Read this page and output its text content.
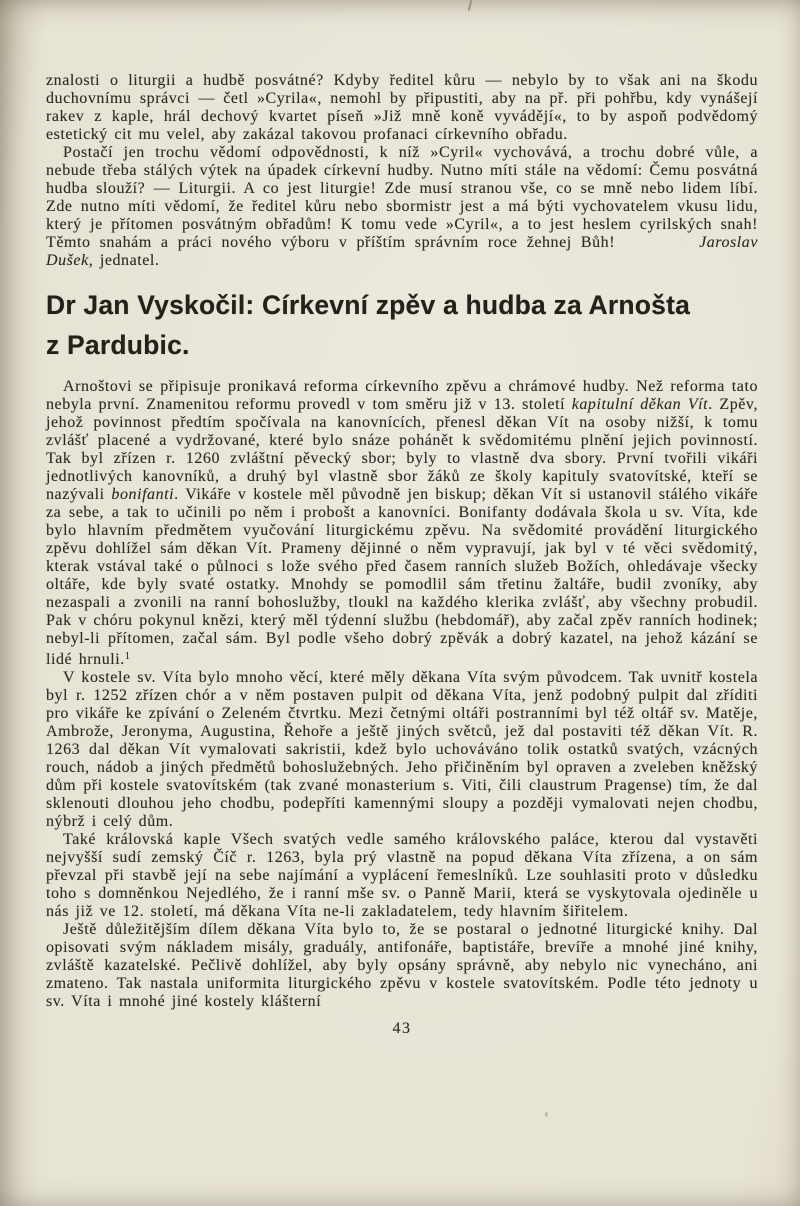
znalosti o liturgii a hudbě posvátné? Kdyby ředitel kůru — nebylo by to však ani na škodu duchovnímu správci — četl »Cyrila«, nemohl by připustiti, aby na př. při pohřbu, kdy vynášejí rakev z kaple, hrál dechový kvartet píseň »Již mně koně vyvádějí«, to by aspoň podvědomý estetický cit mu velel, aby zakázal takovou profanaci církevního obřadu.

Postačí jen trochu vědomí odpovědnosti, k níž »Cyril« vychovává, a trochu dobré vůle, a nebude třeba stálých výtek na úpadek církevní hudby. Nutno míti stále na vědomí: Čemu posvátná hudba slouží? — Liturgii. A co jest liturgie! Zde musí stranou vše, co se mně nebo lidem líbí. Zde nutno míti vědomí, že ředitel kůru nebo sbormistr jest a má býti vychovatelem vkusu lidu, který je přítomen posvátným obřadům! K tomu vede »Cyril«, a to jest heslem cyrilských snah! Těmto snahám a práci nového výboru v příštím správním roce žehnej Bůh!	Jaroslav Dušek, jednatel.

Dr Jan Vyskočil: Církevní zpěv a hudba za Arnošta
z Pardubic.

Arnoštovi se připisuje pronikavá reforma církevního zpěvu a chrámové hudby. Než reforma tato nebyla první. Znamenitou reformu provedl v tom směru již v 13. století kapitulní děkan Vít. Zpěv, jehož povinnost předtím spočívala na kanovnících, přenesl děkan Vít na osoby nižší, k tomu zvlášť placené a vydržované, které bylo snáze pohánět k svědomitému plnění jejich povinností. Tak byl zřízen r. 1260 zvláštní pěvecký sbor; byly to vlastně dva sbory. První tvořili vikáři jednotlivých kanovníků, a druhý byl vlastně sbor žáků ze školy kapituly svatovítské, kteří se nazývali bonifanti. Vikáře v kostele měl původně jen biskup; děkan Vít si ustanovil stálého vikáře za sebe, a tak to učinili po něm i probošt a kanovníci. Bonifanty dodávala škola u sv. Víta, kde bylo hlavním předmětem vyučování liturgickému zpěvu. Na svědomité provádění liturgického zpěvu dohlížel sám děkan Vít. Prameny dějinné o něm vypravují, jak byl v té věci svědomitý, kterak vstával také o půlnoci s lože svého před časem ranních služeb Božích, ohledávaje všecky oltáře, kde byly svaté ostatky. Mnohdy se pomodlil sám třetinu žaltáře, budil zvoníky, aby nezaspali a zvonili na ranní bohoslužby, tloukl na každého klerika zvlášť, aby všechny probudil. Pak v chóru pokynul knězi, který měl týdenní službu (hebdomář), aby začal zpěv ranních hodinek; nebyl-li přítomen, začal sám. Byl podle všeho dobrý zpěvák a dobrý kazatel, na jehož kázání se lidé hrnuli.$^1$

V kostele sv. Víta bylo mnoho věcí, které měly děkana Víta svým původcem. Tak uvnitř kostela byl r. 1252 zřízen chór a v něm postaven pulpit od děkana Víta, jenž podobný pulpit dal zříditi pro vikáře ke zpívání o Zeleném čtvrtku. Mezi četnými oltáři postranními byl též oltář sv. Matěje, Ambrože, Jeronyma, Augustina, Řehoře a ještě jiných světců, jež dal postaviti též děkan Vít. R. 1263 dal děkan Vít vymalovati sakristii, kdež bylo uchováváno tolik ostatků svatých, vzácných rouch, nádob a jiných předmětů bohoslužebných. Jeho přičiněním byl opraven a zveleben kněžský dům při kostele svatovítském (tak zvané monasterium s. Viti, čili claustrum Pragense) tím, že dal sklenouti dlouhou jeho chodbu, podepříti kamennými sloupy a později vymalovati nejen chodbu, nýbrž i celý dům.

Také královská kaple Všech svatých vedle samého královského paláce, kterou dal vystavěti nejvyšší sudí zemský Číč r. 1263, byla prý vlastně na popud děkana Víta zřízena, a on sám převzal při stavbě její na sebe najímání a vyplácení řemeslníků. Lze souhlasiti proto v důsledku toho s domněnkou Nejedlého, že i ranní mše sv. o Panně Marii, která se vyskytovala ojediněle u nás již ve 12. století, má děkana Víta ne-li zakladatelem, tedy hlavním šiřitelem.

Ještě důležitějším dílem děkana Víta bylo to, že se postaral o jednotné liturgické knihy. Dal opisovati svým nákladem misály, graduály, antifonáře, baptistáře, brevíře a mnohé jiné knihy, zvláště kazatelské. Pečlivě dohlížel, aby byly opsány správně, aby nebylo nic vynecháno, ani zmateno. Tak nastala uniformita liturgického zpěvu v kostele svatovítském. Podle této jednoty u sv. Víta i mnohé jiné kostely klášterní

43
